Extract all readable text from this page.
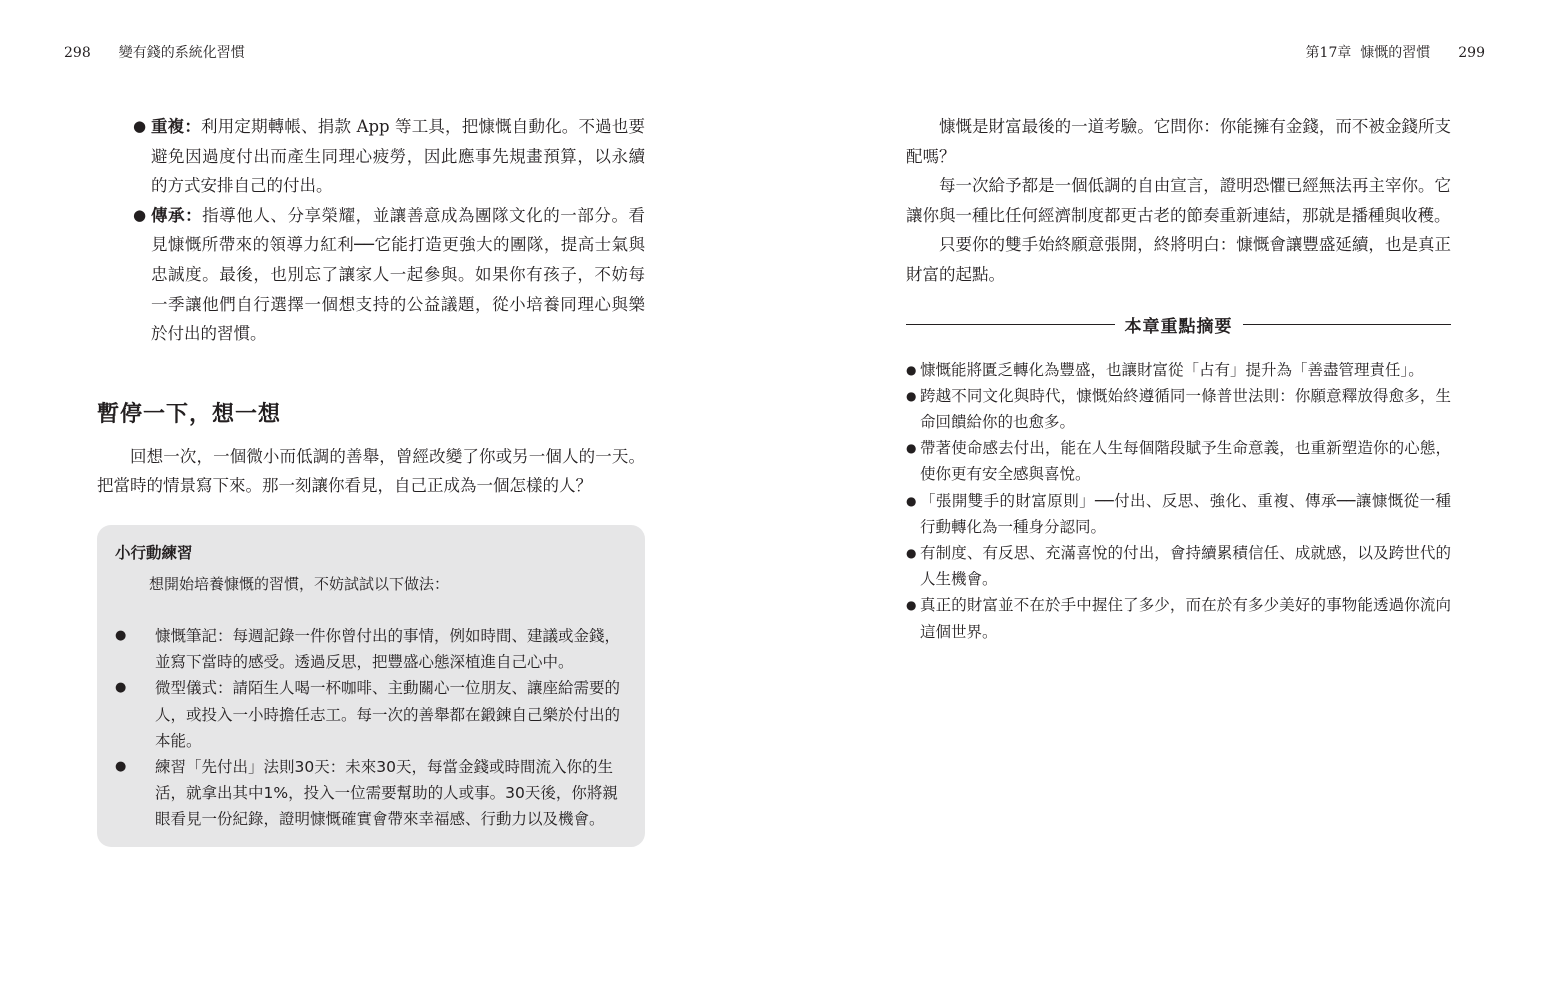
298 變有錢的系統化習慣	第17章 慷慨的習慣 299
● 重複：利用定期轉帳、捐款 App 等工具，把慷慨自動化。不過也要避免因過度付出而產生同理心疲勞，因此應事先規畫預算，以永續的方式安排自己的付出。
● 傳承：指導他人、分享榮耀，並讓善意成為團隊文化的一部分。看見慷慨所帶來的領導力紅利──它能打造更強大的團隊，提高士氣與忠誠度。最後，也別忘了讓家人一起參與。如果你有孩子，不妨每一季讓他們自行選擇一個想支持的公益議題，從小培養同理心與樂於付出的習慣。
暫停一下，想一想

回想一次，一個微小而低調的善舉，曾經改變了你或另一個人的一天。把當時的情景寫下來。那一刻讓你看見，自己正成為一個怎樣的人？

小行動練習
想開始培養慷慨的習慣，不妨試試以下做法：
● 慷慨筆記：每週記錄一件你曾付出的事情，例如時間、建議或金錢，並寫下當時的感受。透過反思，把豐盛心態深植進自己心中。
● 微型儀式：請陌生人喝一杯咖啡、主動關心一位朋友、讓座給需要的人，或投入一小時擔任志工。每一次的善舉都在鍛鍊自己樂於付出的本能。
● 練習「先付出」法則30天：未來30天，每當金錢或時間流入你的生活，就拿出其中1%，投入一位需要幫助的人或事。30天後，你將親眼看見一份紀錄，證明慷慨確實會帶來幸福感、行動力以及機會。

慷慨是財富最後的一道考驗。它問你：你能擁有金錢，而不被金錢所支配嗎？

每一次給予都是一個低調的自由宣言，證明恐懼已經無法再主宰你。它讓你與一種比任何經濟制度都更古老的節奏重新連結，那就是播種與收穫。

只要你的雙手始終願意張開，終將明白：慷慨會讓豐盛延續，也是真正財富的起點。

本章重點摘要
● 慷慨能將匱乏轉化為豐盛，也讓財富從「占有」提升為「善盡管理責任」。
● 跨越不同文化與時代，慷慨始終遵循同一條普世法則：你願意釋放得愈多，生命回饋給你的也愈多。
● 帶著使命感去付出，能在人生每個階段賦予生命意義，也重新塑造你的心態，使你更有安全感與喜悅。
● 「張開雙手的財富原則」──付出、反思、強化、重複、傳承──讓慷慨從一種行動轉化為一種身分認同。
● 有制度、有反思、充滿喜悅的付出，會持續累積信任、成就感，以及跨世代的人生機會。
● 真正的財富並不在於手中握住了多少，而在於有多少美好的事物能透過你流向這個世界。
